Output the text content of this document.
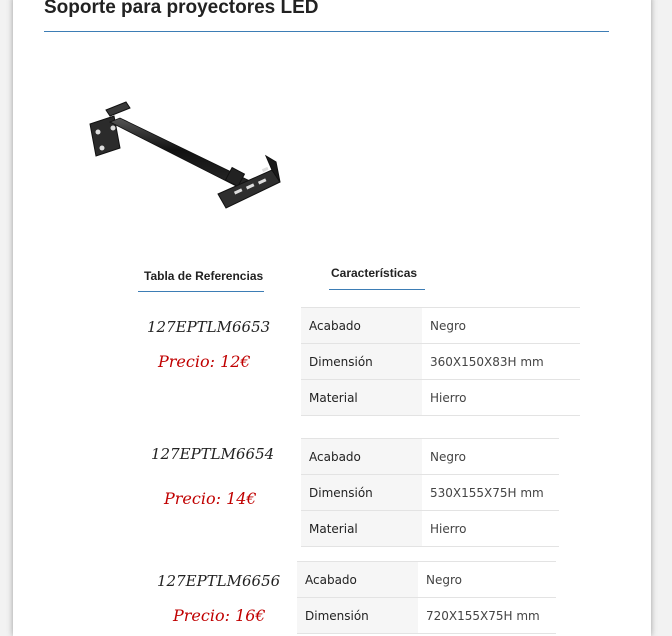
Soporte para proyectores LED
Tabla de Referencias	Características
127EPTLM6653
Precio: 12€
Acabado	Negro
Dimensión	360X150X83H mm
Material	Hierro
127EPTLM6654
Precio: 14€
Acabado	Negro
Dimensión	530X155X75H mm
Material	Hierro
127EPTLM6656
Precio: 16€
Acabado	Negro
Dimensión	720X155X75H mm
